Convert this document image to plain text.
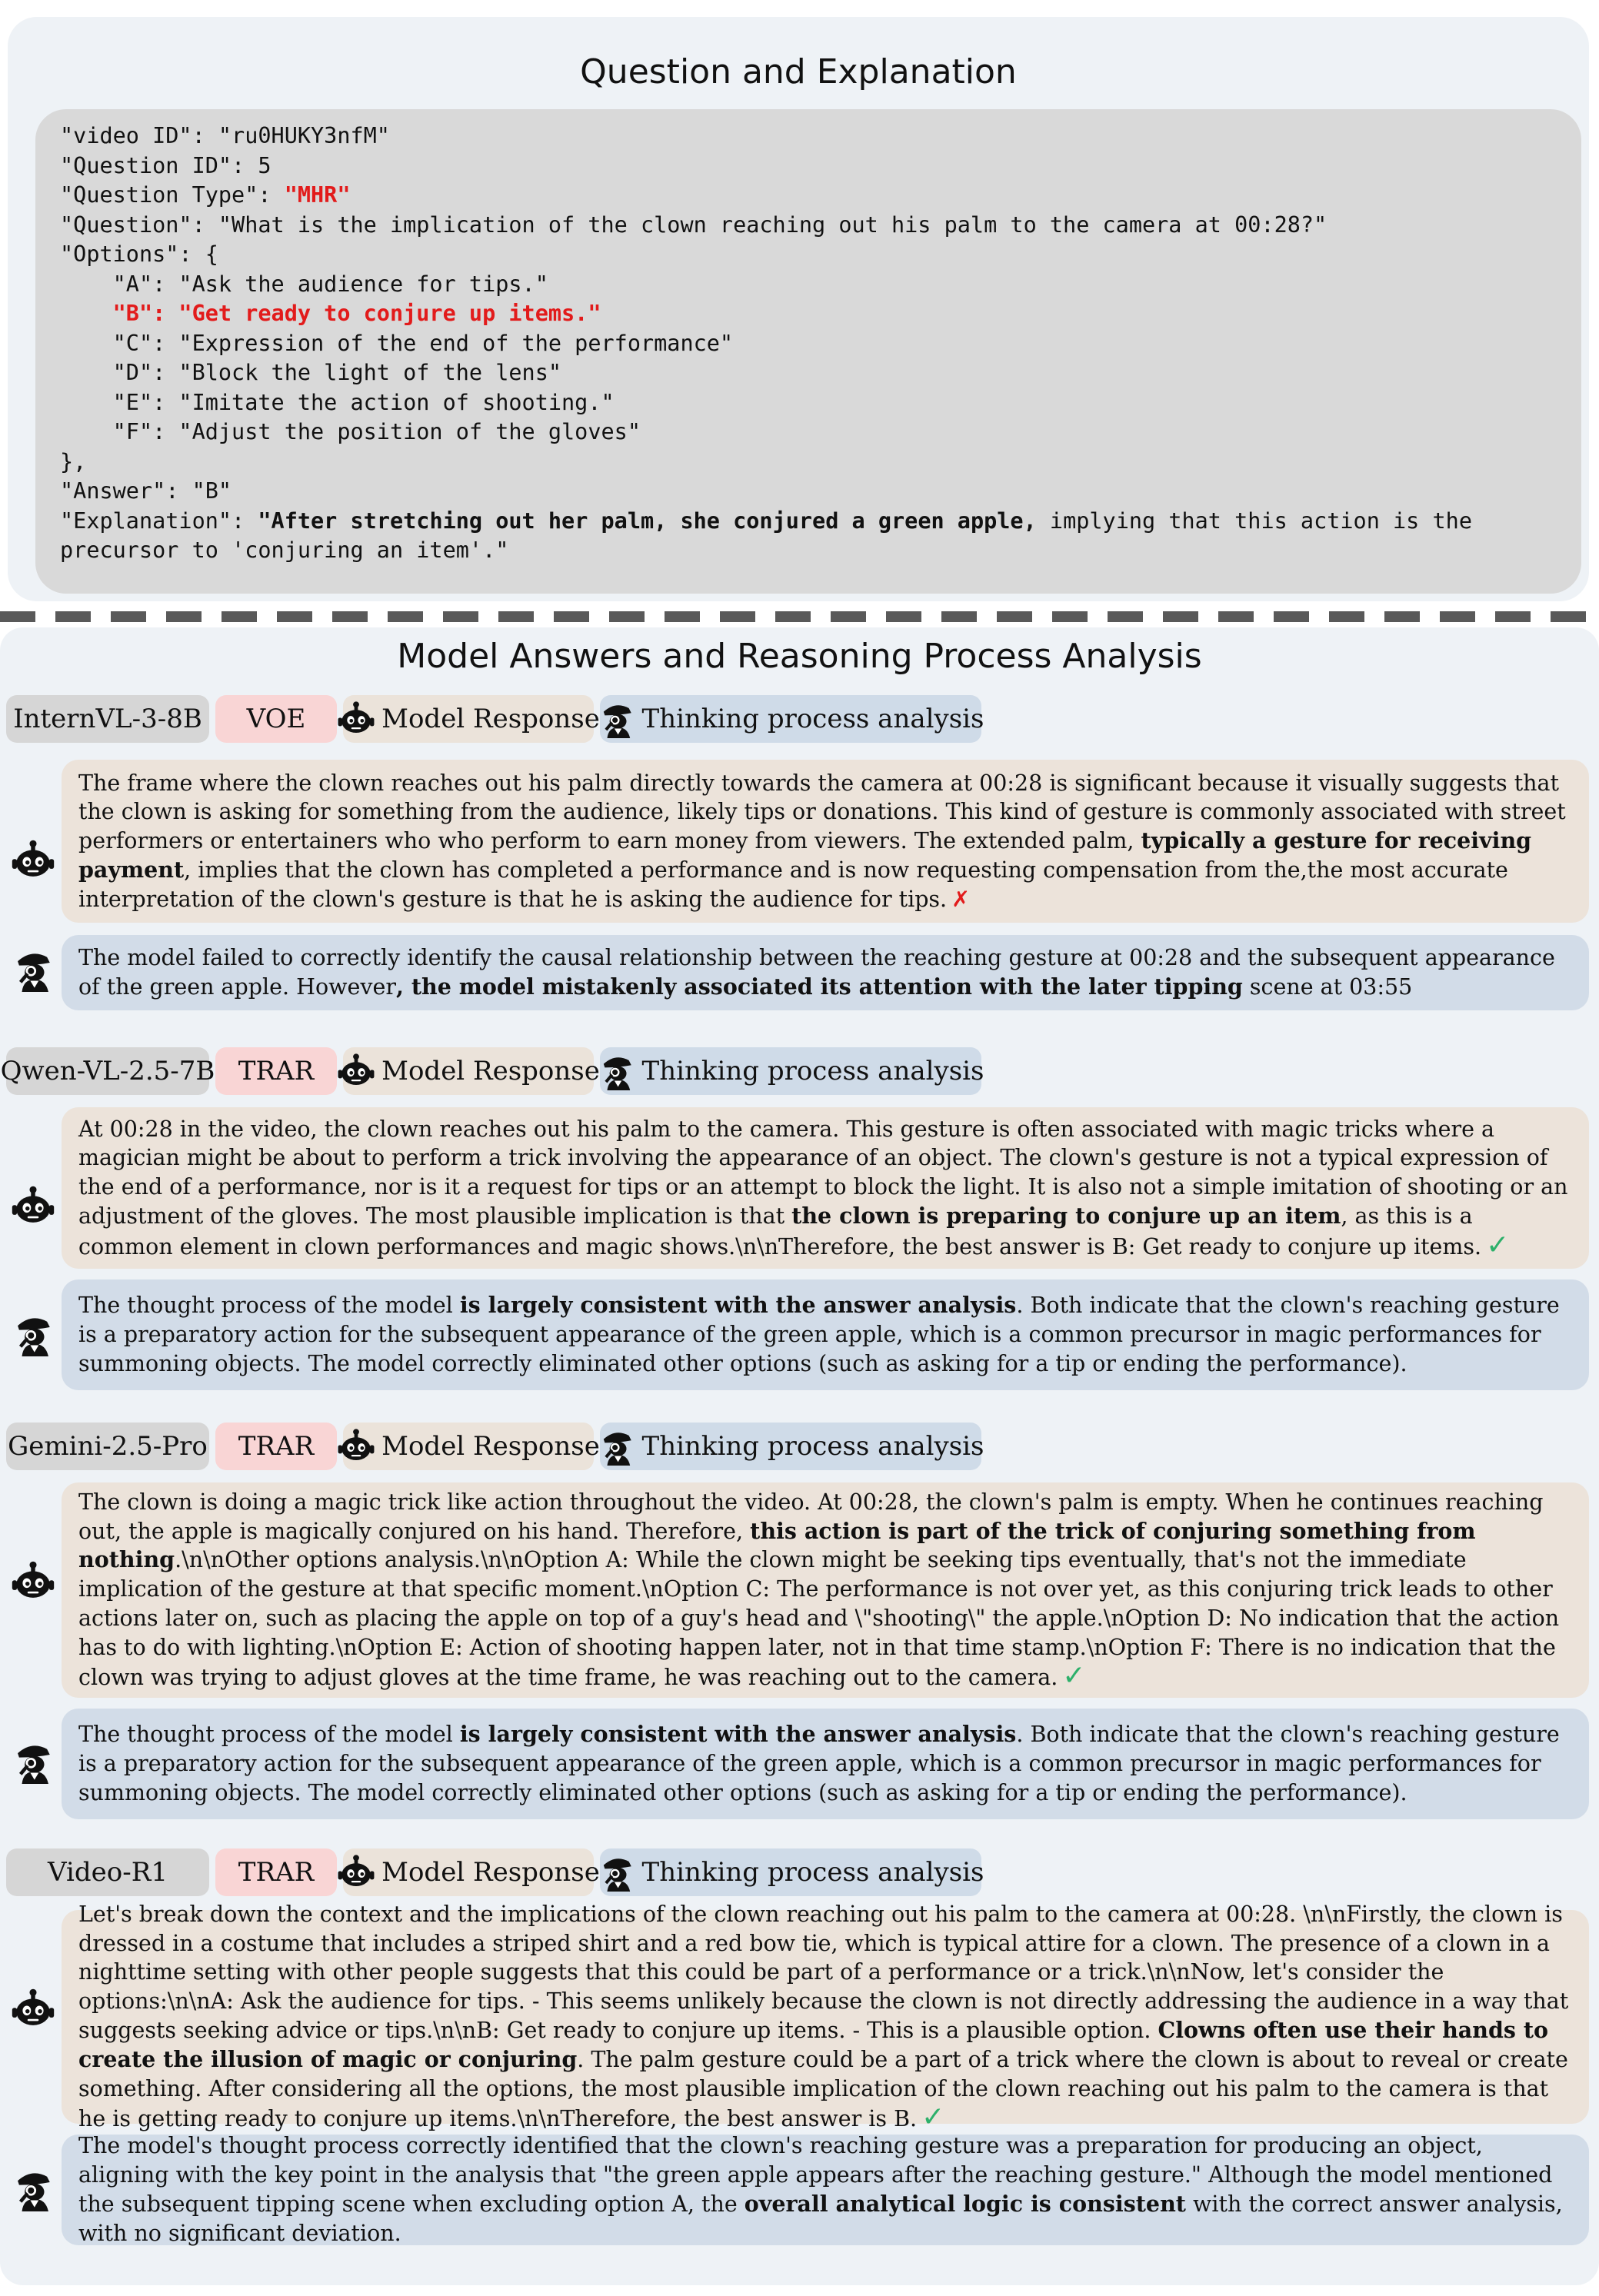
Question and Explanation
"video ID": "ru0HUKY3nfM"
"Question ID": 5
"Question Type": "MHR"
"Question": "What is the implication of the clown reaching out his palm to the camera at 00:28?"
"Options": {
"A": "Ask the audience for tips."
"B": "Get ready to conjure up items."
"C": "Expression of the end of the performance"
"D": "Block the light of the lens"
"E": "Imitate the action of shooting."
"F": "Adjust the position of the gloves"
},
"Answer": "B"
"Explanation": "After stretching out her palm, she conjured a green apple, implying that this action is the
precursor to 'conjuring an item'."
Model Answers and Reasoning Process Analysis
InternVL-3-8B	VOE	Model Response Thinking process analysis
The frame where the clown reaches out his palm directly towards the camera at 00:28 is significant because it visually suggests that the clown is asking for something from the audience, likely tips or donations. This kind of gesture is commonly associated with street performers or entertainers who who perform to earn money from viewers. The extended palm, typically a gesture for receiving payment, implies that the clown has completed a performance and is now requesting compensation from the,the most accurate interpretation of the clown's gesture is that he is asking the audience for tips. ✗
The model failed to correctly identify the causal relationship between the reaching gesture at 00:28 and the subsequent appearance of the green apple. However, the model mistakenly associated its attention with the later tipping scene at 03:55
Qwen-VL-2.5-7B TRAR	Model Response Thinking process analysis
At 00:28 in the video, the clown reaches out his palm to the camera. This gesture is often associated with magic tricks where a magician might be about to perform a trick involving the appearance of an object. The clown's gesture is not a typical expression of the end of a performance, nor is it a request for tips or an attempt to block the light. It is also not a simple imitation of shooting or an adjustment of the gloves. The most plausible implication is that the clown is preparing to conjure up an item, as this is a common element in clown performances and magic shows.\n\nTherefore, the best answer is B: Get ready to conjure up items. ✓
The thought process of the model is largely consistent with the answer analysis. Both indicate that the clown's reaching gesture is a preparatory action for the subsequent appearance of the green apple, which is a common precursor in magic performances for summoning objects. The model correctly eliminated other options (such as asking for a tip or ending the performance).
Gemini-2.5-Pro	TRAR	Model Response Thinking process analysis
The clown is doing a magic trick like action throughout the video. At 00:28, the clown's palm is empty. When he continues reaching out, the apple is magically conjured on his hand. Therefore, this action is part of the trick of conjuring something from nothing.\n\nOther options analysis.\n\nOption A: While the clown might be seeking tips eventually, that's not the immediate implication of the gesture at that specific moment.\nOption C: The performance is not over yet, as this conjuring trick leads to other actions later on, such as placing the apple on top of a guy's head and \"shooting\" the apple.\nOption D: No indication that the action has to do with lighting.\nOption E: Action of shooting happen later, not in that time stamp.\nOption F: There is no indication that the clown was trying to adjust gloves at the time frame, he was reaching out to the camera. ✓
The thought process of the model is largely consistent with the answer analysis. Both indicate that the clown's reaching gesture is a preparatory action for the subsequent appearance of the green apple, which is a common precursor in magic performances for summoning objects. The model correctly eliminated other options (such as asking for a tip or ending the performance).
Video-R1	TRAR	Model Response Thinking process analysis
Let's break down the context and the implications of the clown reaching out his palm to the camera at 00:28. \n\nFirstly, the clown is dressed in a costume that includes a striped shirt and a red bow tie, which is typical attire for a clown. The presence of a clown in a nighttime setting with other people suggests that this could be part of a performance or a trick.\n\nNow, let's consider the options:\n\nA: Ask the audience for tips. - This seems unlikely because the clown is not directly addressing the audience in a way that suggests seeking advice or tips.\n\nB: Get ready to conjure up items. - This is a plausible option. Clowns often use their hands to create the illusion of magic or conjuring. The palm gesture could be a part of a trick where the clown is about to reveal or create something. After considering all the options, the most plausible implication of the clown reaching out his palm to the camera is that he is getting ready to conjure up items.\n\nTherefore, the best answer is B. ✓
The model's thought process correctly identified that the clown's reaching gesture was a preparation for producing an object, aligning with the key point in the analysis that "the green apple appears after the reaching gesture." Although the model mentioned the subsequent tipping scene when excluding option A, the overall analytical logic is consistent with the correct answer analysis, with no significant deviation.
